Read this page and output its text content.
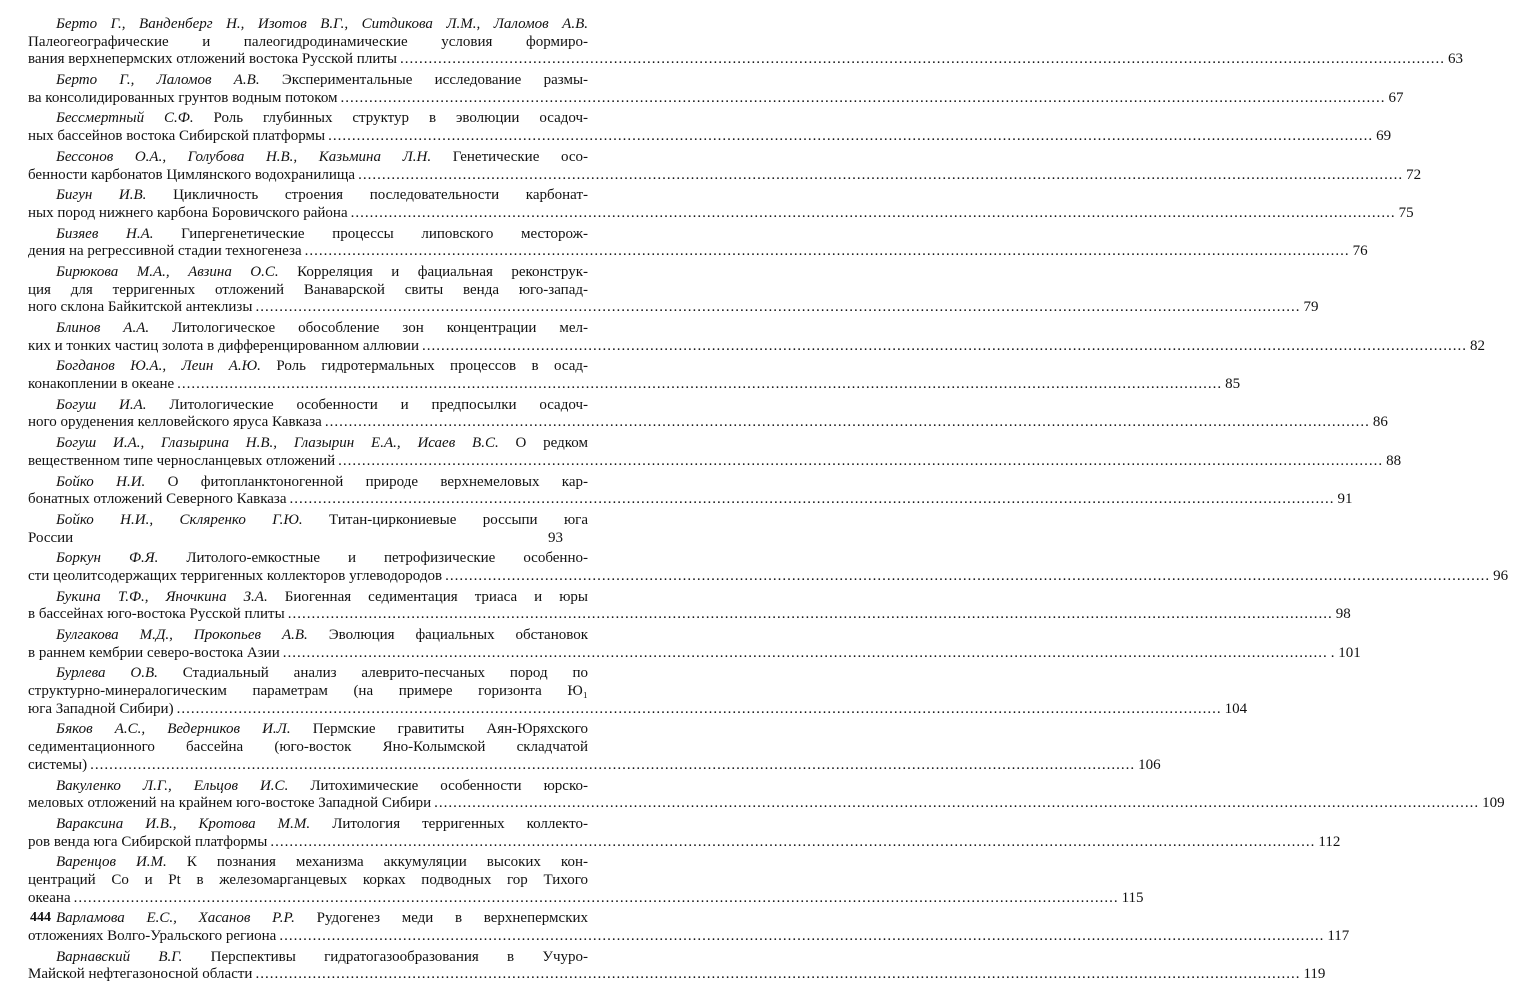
Берто Г., Ванденберг Н., Изотов В.Г., Ситдикова Л.М., Лаломов А.В.
Палеогеографические и палеогидродинамические условия формиро-
вания верхнепермских отложений востока Русской плиты ............................................................................................................................................................................................................................ 63
Берто Г., Лаломов А.В. Экспериментальные исследование размы-
ва консолидированных грунтов водным потоком ............................................................................................................................................................................................................................ 67
Бессмертный С.Ф. Роль глубинных структур в эволюции осадоч-
ных бассейнов востока Сибирской платформы ............................................................................................................................................................................................................................ 69
Бессонов О.А., Голубова Н.В., Казьмина Л.Н. Генетические осо-
бенности карбонатов Цимлянского водохранилища ............................................................................................................................................................................................................................ 72
Бигун И.В. Цикличность строения последовательности карбонат-
ных пород нижнего карбона Боровичского района ............................................................................................................................................................................................................................ 75
Бизяев Н.А. Гипергенетические процессы липовского месторож-
дения на регрессивной стадии техногенеза ............................................................................................................................................................................................................................ 76
Бирюкова М.А., Авзина О.С. Корреляция и фациальная реконструк-
ция для терригенных отложений Ванаварской свиты венда юго-запад-
ного склона Байкитской антеклизы ............................................................................................................................................................................................................................ 79
Блинов А.А. Литологическое обособление зон концентрации мел-
ких и тонких частиц золота в дифференцированном аллювии ............................................................................................................................................................................................................................ 82
Богданов Ю.А., Леин А.Ю. Роль гидротермальных процессов в осад-
конакоплении в океане ............................................................................................................................................................................................................................ 85
Богуш И.А. Литологические особенности и предпосылки осадоч-
ного оруденения келловейского яруса Кавказа ............................................................................................................................................................................................................................ 86
Богуш И.А., Глазырина Н.В., Глазырин Е.А., Исаев В.С. О редком
вещественном типе черносланцевых отложений ............................................................................................................................................................................................................................ 88
Бойко Н.И. О фитопланктоногенной природе верхнемеловых кар-
бонатных отложений Северного Кавказа ............................................................................................................................................................................................................................ 91
Бойко Н.И., Скляренко Г.Ю. Титан-циркониевые россыпи юга
России	93
Боркун Ф.Я. Литолого-емкостные и петрофизические особенно-
сти цеолитсодержащих терригенных коллекторов углеводородов ............................................................................................................................................................................................................................ 96
Букина Т.Ф., Яночкина З.А. Биогенная седиментация триаса и юры
в бассейнах юго-востока Русской плиты ............................................................................................................................................................................................................................ 98
Булгакова М.Д., Прокопьев А.В. Эволюция фациальных обстановок
в раннем кембрии северо-востока Азии ............................................................................................................................................................................................................................ . 101
Бурлева О.В. Стадиальный анализ алеврито-песчаных пород по
структурно-минералогическим параметрам (на примере горизонта Ю₁
юга Западной Сибири) ............................................................................................................................................................................................................................ 104
Бяков А.С., Ведерников И.Л. Пермские гравититы Аян-Юряхского
седиментационного бассейна (юго-восток Яно-Колымской складчатой
системы) ............................................................................................................................................................................................................................ 106
Вакуленко Л.Г., Ельцов И.С. Литохимические особенности юрско-
меловых отложений на крайнем юго-востоке Западной Сибири ............................................................................................................................................................................................................................ 109
Вараксина И.В., Кротова М.М. Литология терригенных коллекто-
ров венда юга Сибирской платформы ............................................................................................................................................................................................................................ 112
Варенцов И.М. К познания механизма аккумуляции высоких кон-
центраций Со и Pt в железомарганцевых корках подводных гор Тихого
океана ............................................................................................................................................................................................................................ 115
Варламова Е.С., Хасанов Р.Р. Рудогенез меди в верхнепермских
отложениях Волго-Уральского региона ............................................................................................................................................................................................................................ 117
Варнавский В.Г. Перспективы гидратогазообразования в Учуро-
Майской нефтегазоносной области ............................................................................................................................................................................................................................ 119
444
